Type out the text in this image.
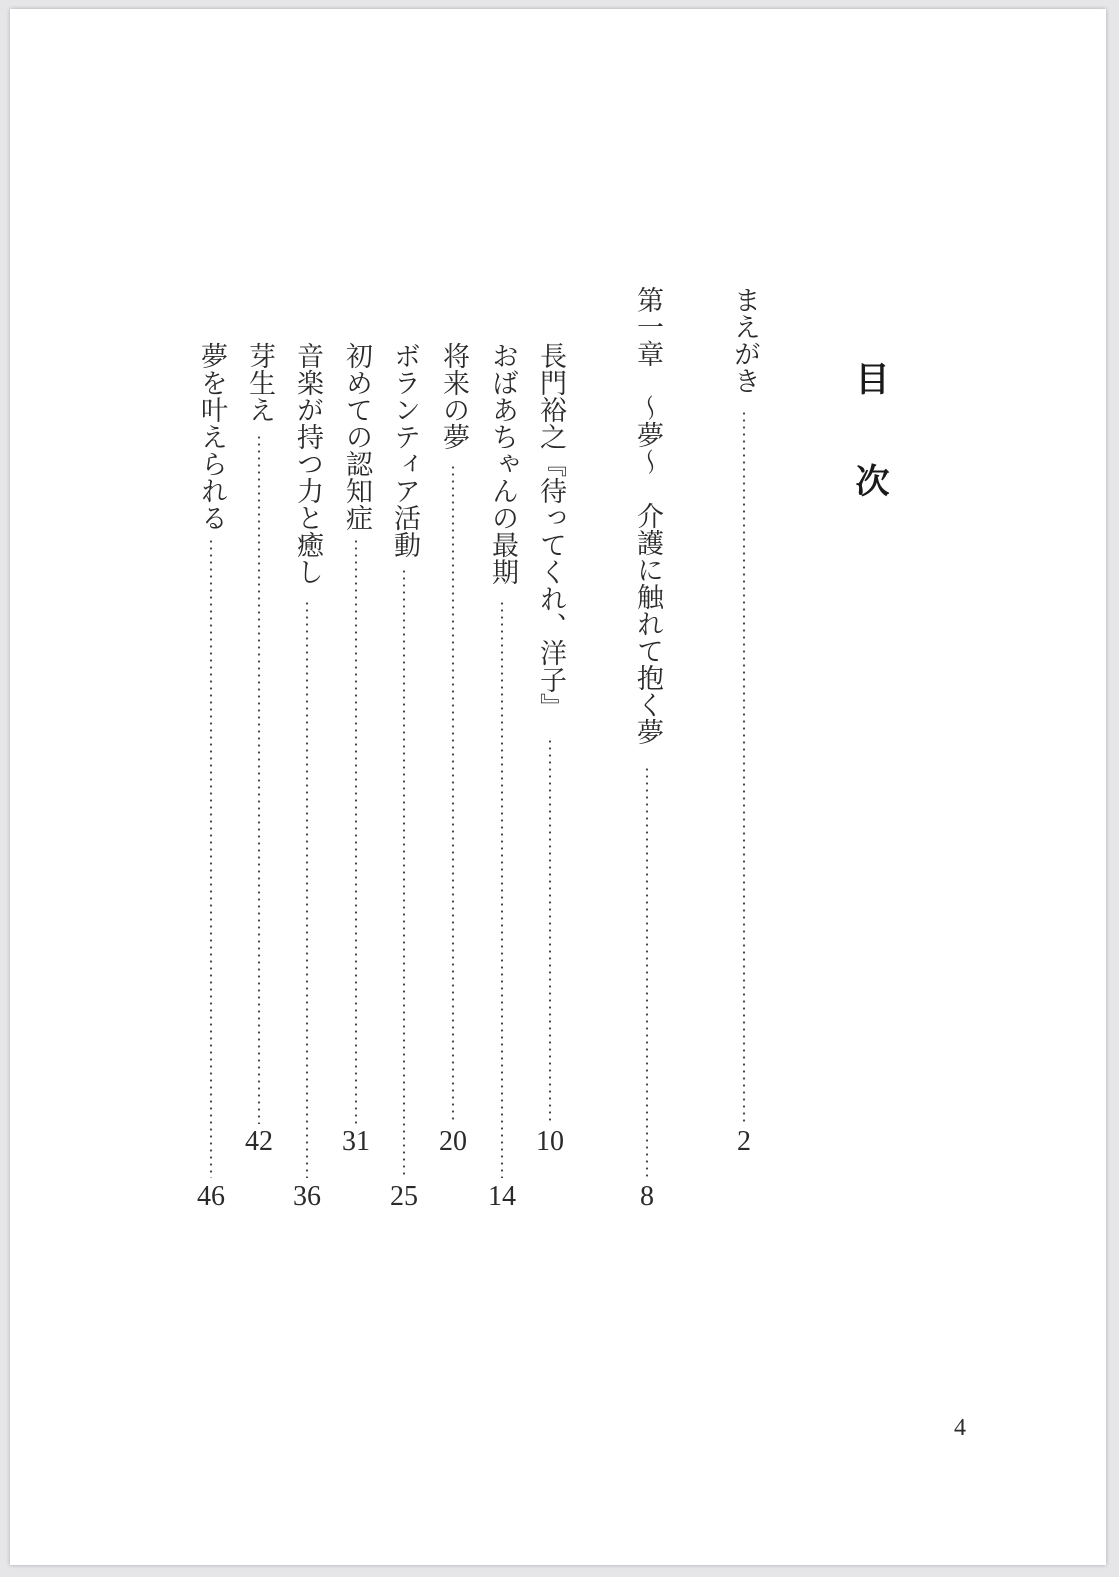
目次
まえがき
2
第一章　～夢～　介護に触れて抱く夢
8
長門裕之『待ってくれ、洋子』
10
おばあちゃんの最期
14
将来の夢
20
ボランティア活動
25
初めての認知症
31
音楽が持つ力と癒し
36
芽生え
42
夢を叶えられる
46
4
